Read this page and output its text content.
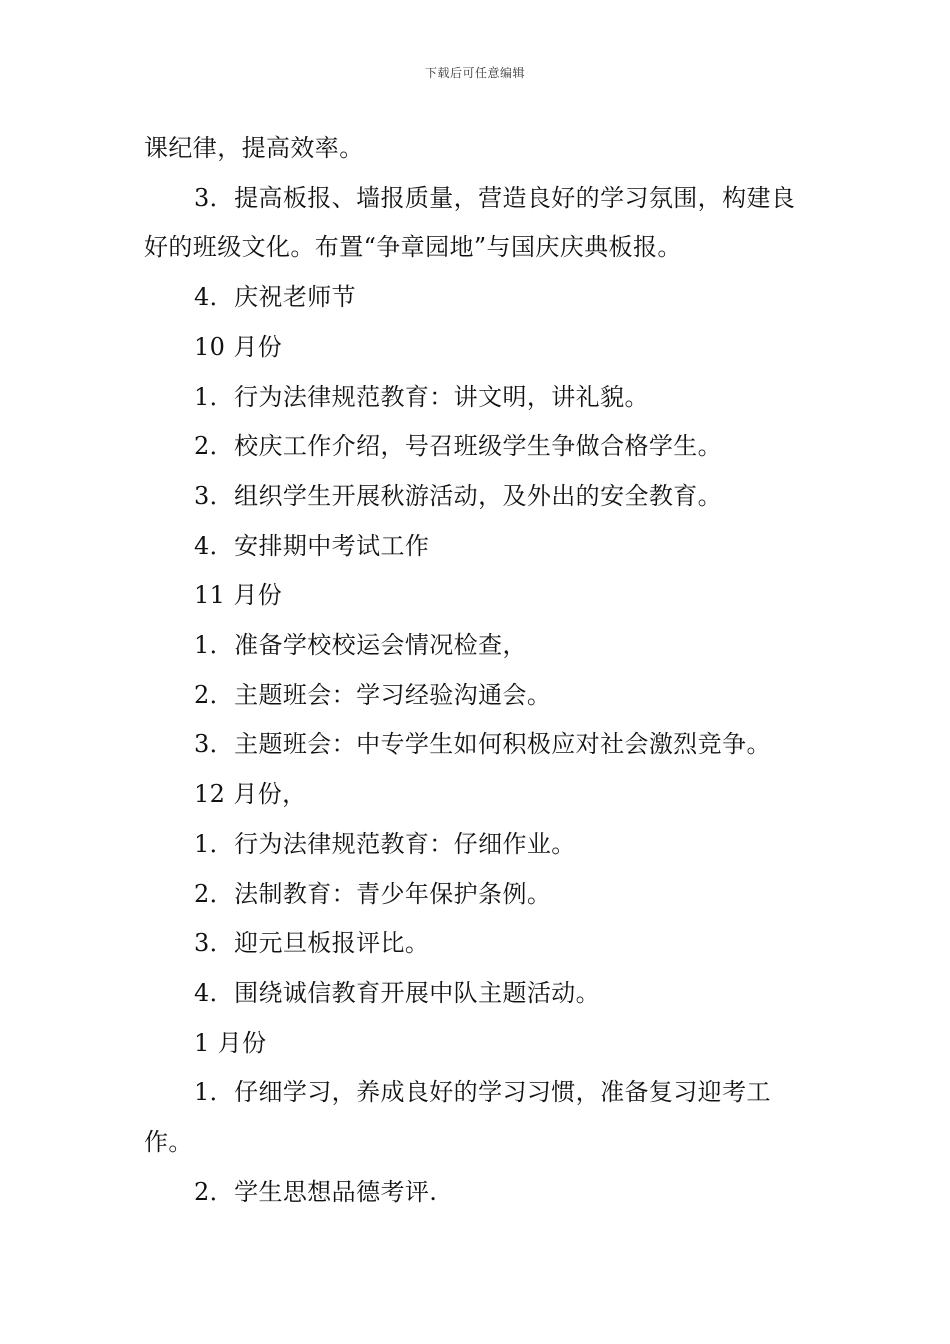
下载后可任意编辑

课纪律，提高效率。

3．提高板报、墙报质量，营造良好的学习氛围，构建良好的班级文化。布置“争章园地”与国庆庆典板报。

4．庆祝老师节

10 月份

1．行为法律规范教育：讲文明，讲礼貌。

2．校庆工作介绍，号召班级学生争做合格学生。

3．组织学生开展秋游活动，及外出的安全教育。

4．安排期中考试工作

11 月份

1．准备学校校运会情况检查，

2．主题班会：学习经验沟通会。

3．主题班会：中专学生如何积极应对社会激烈竞争。

12 月份，

1．行为法律规范教育：仔细作业。

2．法制教育：青少年保护条例。

3．迎元旦板报评比。

4．围绕诚信教育开展中队主题活动。

1 月份

1．仔细学习，养成良好的学习习惯，准备复习迎考工作。

2．学生思想品德考评.
